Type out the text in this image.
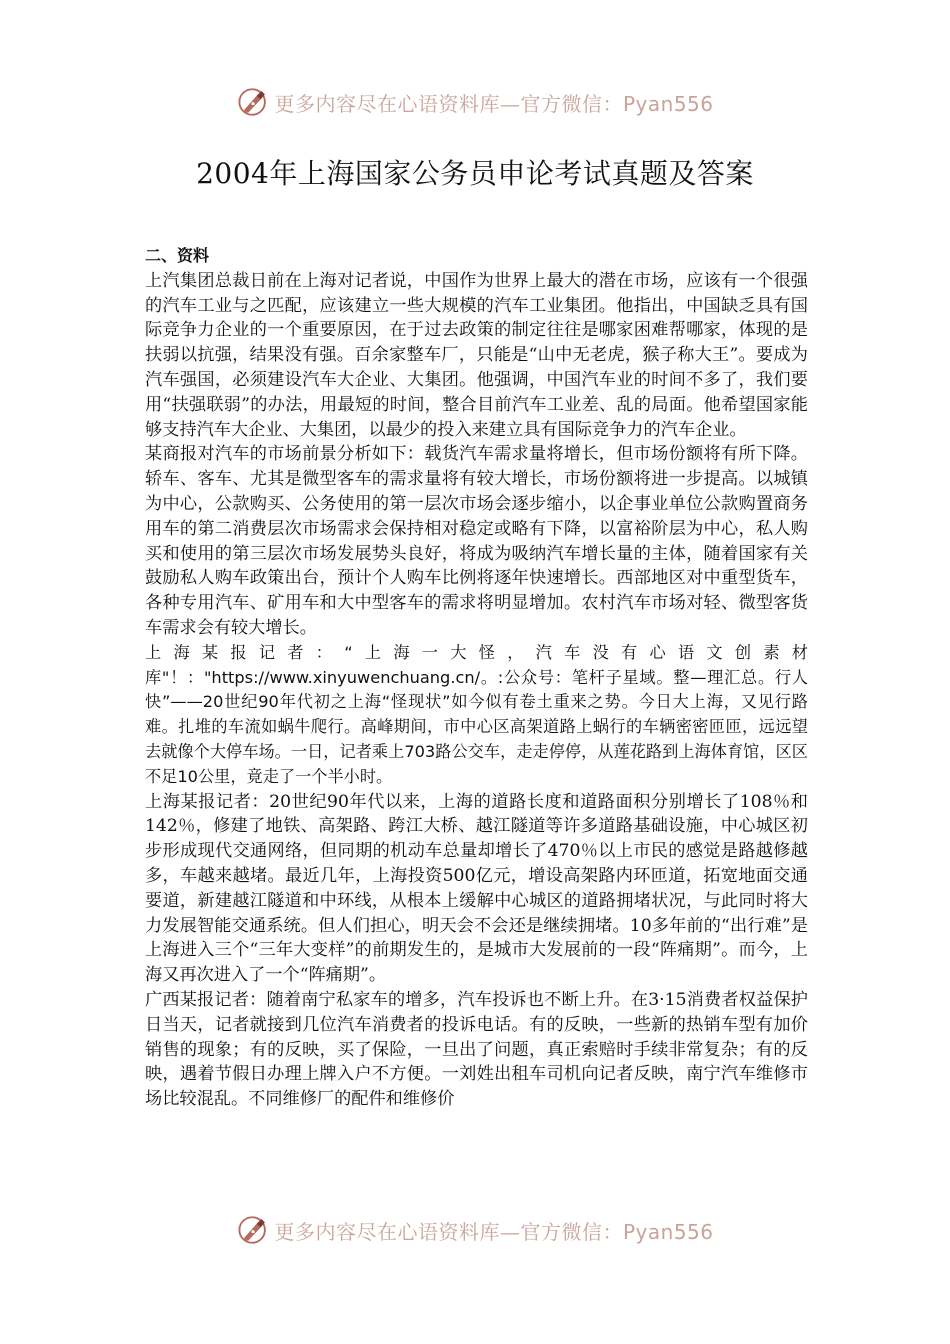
更多内容尽在心语资料库—官方微信：Pyan556
2004年上海国家公务员申论考试真题及答案

二、资料

上汽集团总裁日前在上海对记者说，中国作为世界上最大的潜在市场，应该有一个很强的汽车工业与之匹配，应该建立一些大规模的汽车工业集团。他指出，中国缺乏具有国际竞争力企业的一个重要原因，在于过去政策的制定往往是哪家困难帮哪家，体现的是扶弱以抗强，结果没有强。百余家整车厂，只能是“山中无老虎，猴子称大王”。要成为汽车强国，必须建设汽车大企业、大集团。他强调，中国汽车业的时间不多了，我们要用“扶强联弱”的办法，用最短的时间，整合目前汽车工业差、乱的局面。他希望国家能够支持汽车大企业、大集团，以最少的投入来建立具有国际竞争力的汽车企业。

某商报对汽车的市场前景分析如下：载货汽车需求量将增长，但市场份额将有所下降。轿车、客车、尤其是微型客车的需求量将有较大增长，市场份额将进一步提高。以城镇为中心，公款购买、公务使用的第一层次市场会逐步缩小，以企事业单位公款购置商务用车的第二消费层次市场需求会保持相对稳定或略有下降，以富裕阶层为中心，私人购买和使用的第三层次市场发展势头良好，将成为吸纳汽车增长量的主体，随着国家有关鼓励私人购车政策出台，预计个人购车比例将逐年快速增长。西部地区对中重型货车，各种专用汽车、矿用车和大中型客车的需求将明显增加。农村汽车市场对轻、微型客货车需求会有较大增长。

上海某报记者：“上海一大怪，汽车没有心语文创素材库"！："https://www.xinyuwenchuang.cn/。:公众号：笔杆子星域。整—理汇总。行人快”——20世纪90年代初之上海“怪现状”如今似有卷土重来之势。今日大上海，又见行路难。扎堆的车流如蜗牛爬行。高峰期间，市中心区高架道路上蜗行的车辆密密匝匝，远远望去就像个大停车场。一日，记者乘上703路公交车，走走停停，从莲花路到上海体育馆，区区不足10公里，竟走了一个半小时。

上海某报记者：20世纪90年代以来，上海的道路长度和道路面积分别增长了108％和142％，修建了地铁、高架路、跨江大桥、越江隧道等许多道路基础设施，中心城区初步形成现代交通网络，但同期的机动车总量却增长了470％以上市民的感觉是路越修越多，车越来越堵。最近几年，上海投资500亿元，增设高架路内环匝道，拓宽地面交通要道，新建越江隧道和中环线，从根本上缓解中心城区的道路拥堵状况，与此同时将大力发展智能交通系统。但人们担心，明天会不会还是继续拥堵。10多年前的“出行难”是上海进入三个“三年大变样”的前期发生的，是城市大发展前的一段“阵痛期”。而今，上海又再次进入了一个“阵痛期”。

广西某报记者：随着南宁私家车的增多，汽车投诉也不断上升。在3·15消费者权益保护日当天，记者就接到几位汽车消费者的投诉电话。有的反映，一些新的热销车型有加价销售的现象；有的反映，买了保险，一旦出了问题，真正索赔时手续非常复杂；有的反映，遇着节假日办理上牌入户不方便。一刘姓出租车司机向记者反映，南宁汽车维修市场比较混乱。不同维修厂的配件和维修价

更多内容尽在心语资料库—官方微信：Pyan556
